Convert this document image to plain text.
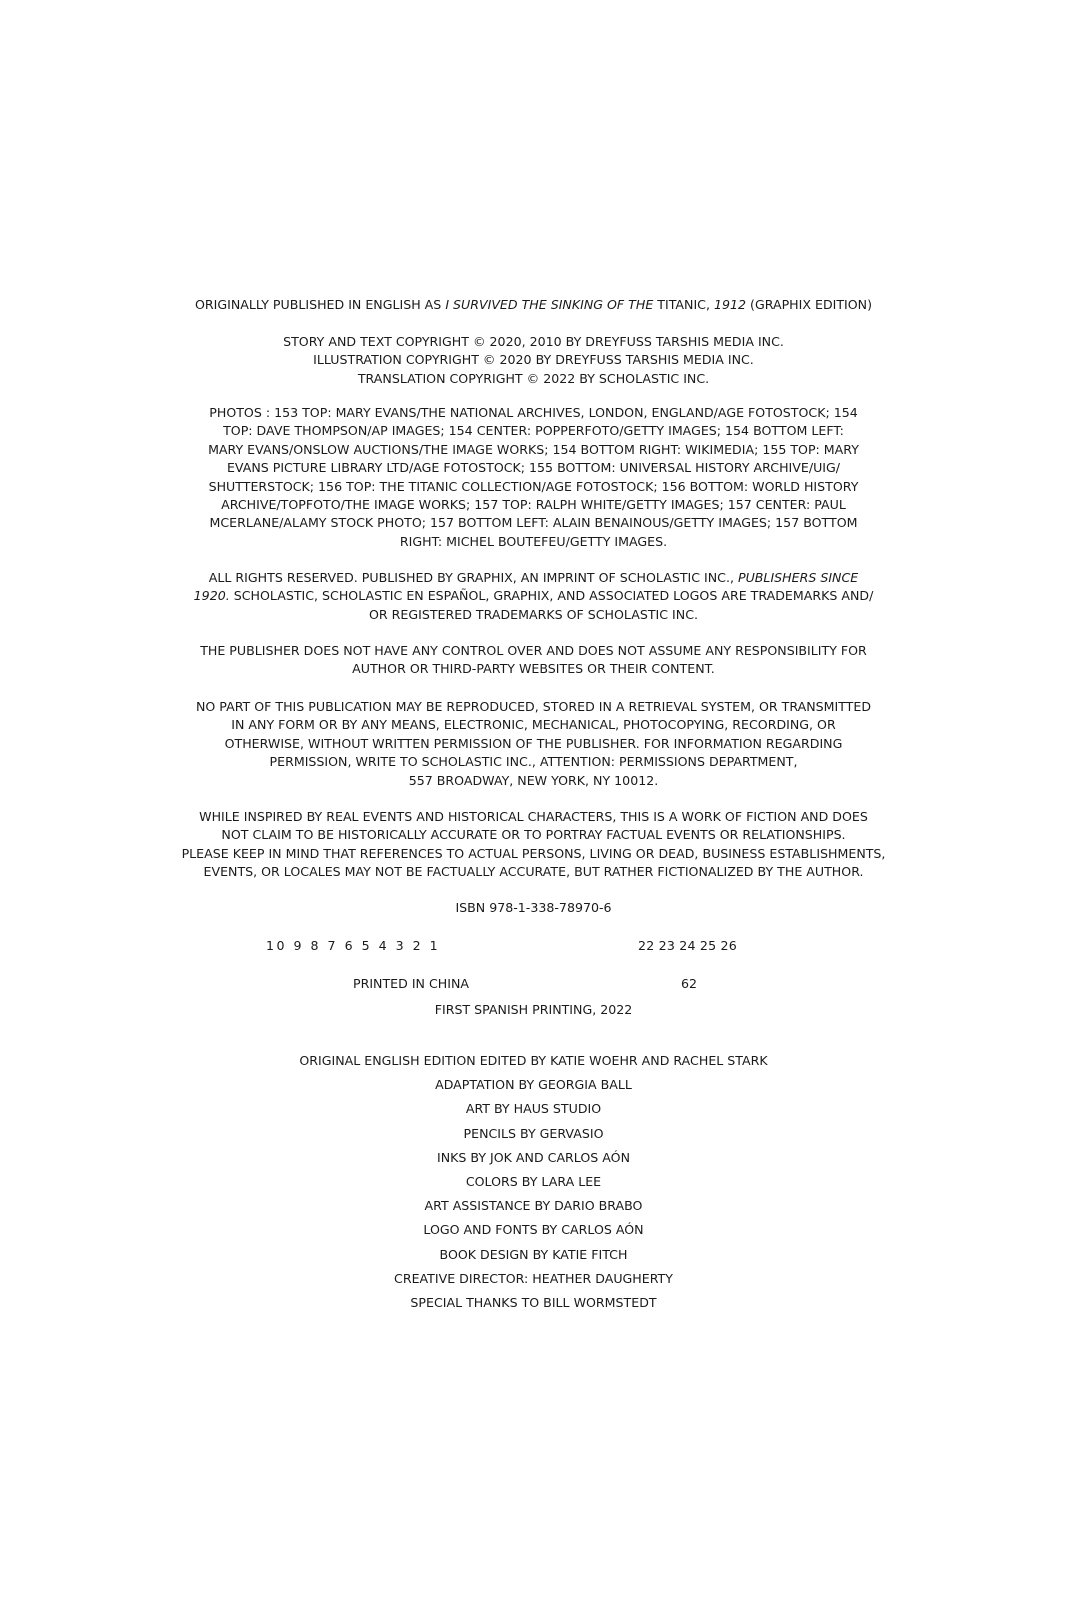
ORIGINALLY PUBLISHED IN ENGLISH AS I SURVIVED THE SINKING OF THE TITANIC, 1912 (GRAPHIX EDITION)

STORY AND TEXT COPYRIGHT © 2020, 2010 BY DREYFUSS TARSHIS MEDIA INC.

ILLUSTRATION COPYRIGHT © 2020 BY DREYFUSS TARSHIS MEDIA INC.

TRANSLATION COPYRIGHT © 2022 BY SCHOLASTIC INC.

PHOTOS : 153 TOP: MARY EVANS/THE NATIONAL ARCHIVES, LONDON, ENGLAND/AGE FOTOSTOCK; 154

TOP: DAVE THOMPSON/AP IMAGES; 154 CENTER: POPPERFOTO/GETTY IMAGES; 154 BOTTOM LEFT:

MARY EVANS/ONSLOW AUCTIONS/THE IMAGE WORKS; 154 BOTTOM RIGHT: WIKIMEDIA; 155 TOP: MARY

EVANS PICTURE LIBRARY LTD/AGE FOTOSTOCK; 155 BOTTOM: UNIVERSAL HISTORY ARCHIVE/UIG/

SHUTTERSTOCK; 156 TOP: THE TITANIC COLLECTION/AGE FOTOSTOCK; 156 BOTTOM: WORLD HISTORY

ARCHIVE/TOPFOTO/THE IMAGE WORKS; 157 TOP: RALPH WHITE/GETTY IMAGES; 157 CENTER: PAUL

MCERLANE/ALAMY STOCK PHOTO; 157 BOTTOM LEFT: ALAIN BENAINOUS/GETTY IMAGES; 157 BOTTOM

RIGHT: MICHEL BOUTEFEU/GETTY IMAGES.

ALL RIGHTS RESERVED. PUBLISHED BY GRAPHIX, AN IMPRINT OF SCHOLASTIC INC., PUBLISHERS SINCE

1920. SCHOLASTIC, SCHOLASTIC EN ESPAÑOL, GRAPHIX, AND ASSOCIATED LOGOS ARE TRADEMARKS AND/

OR REGISTERED TRADEMARKS OF SCHOLASTIC INC.

THE PUBLISHER DOES NOT HAVE ANY CONTROL OVER AND DOES NOT ASSUME ANY RESPONSIBILITY FOR

AUTHOR OR THIRD-PARTY WEBSITES OR THEIR CONTENT.

NO PART OF THIS PUBLICATION MAY BE REPRODUCED, STORED IN A RETRIEVAL SYSTEM, OR TRANSMITTED

IN ANY FORM OR BY ANY MEANS, ELECTRONIC, MECHANICAL, PHOTOCOPYING, RECORDING, OR

OTHERWISE, WITHOUT WRITTEN PERMISSION OF THE PUBLISHER. FOR INFORMATION REGARDING

PERMISSION, WRITE TO SCHOLASTIC INC., ATTENTION: PERMISSIONS DEPARTMENT,

557 BROADWAY, NEW YORK, NY 10012.

WHILE INSPIRED BY REAL EVENTS AND HISTORICAL CHARACTERS, THIS IS A WORK OF FICTION AND DOES

NOT CLAIM TO BE HISTORICALLY ACCURATE OR TO PORTRAY FACTUAL EVENTS OR RELATIONSHIPS.

PLEASE KEEP IN MIND THAT REFERENCES TO ACTUAL PERSONS, LIVING OR DEAD, BUSINESS ESTABLISHMENTS,

EVENTS, OR LOCALES MAY NOT BE FACTUALLY ACCURATE, BUT RATHER FICTIONALIZED BY THE AUTHOR.

ISBN 978-1-338-78970-6

10 9 8 7 6 5 4 3 2 1	22 23 24 25 26
PRINTED IN CHINA	62
FIRST SPANISH PRINTING, 2022
ORIGINAL ENGLISH EDITION EDITED BY KATIE WOEHR AND RACHEL STARK
ADAPTATION BY GEORGIA BALL
ART BY HAUS STUDIO
PENCILS BY GERVASIO
INKS BY JOK AND CARLOS AÓN
COLORS BY LARA LEE
ART ASSISTANCE BY DARIO BRABO
LOGO AND FONTS BY CARLOS AÓN
BOOK DESIGN BY KATIE FITCH
CREATIVE DIRECTOR: HEATHER DAUGHERTY
SPECIAL THANKS TO BILL WORMSTEDT
